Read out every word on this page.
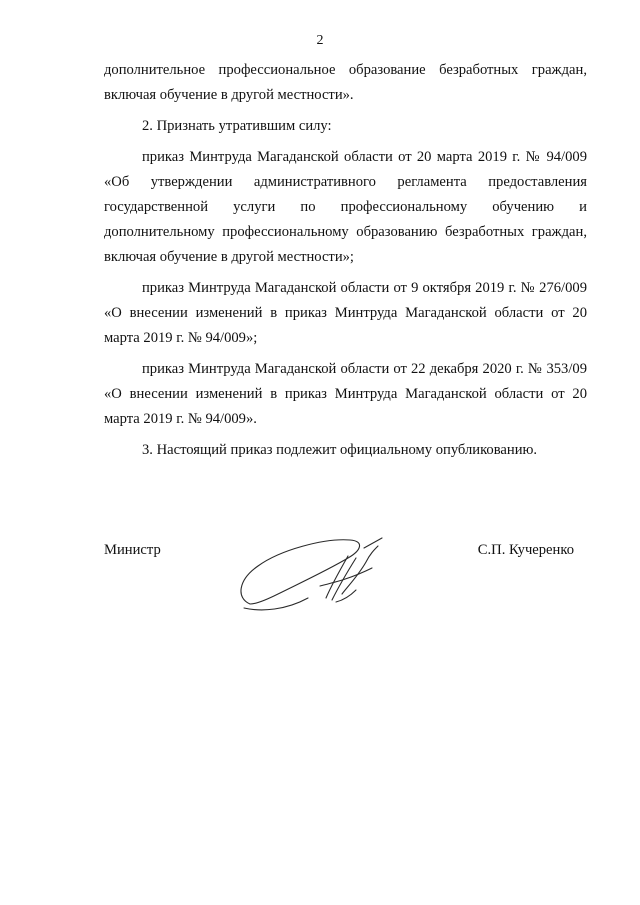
2

дополнительное профессиональное образование безработных граждан, включая обучение в другой местности».

2. Признать утратившим силу:

приказ Минтруда Магаданской области от 20 марта 2019 г. № 94/009 «Об утверждении административного регламента предоставления государственной услуги по профессиональному обучению и дополнительному профессиональному образованию безработных граждан, включая обучение в другой местности»;

приказ Минтруда Магаданской области от 9 октября 2019 г. № 276/009 «О внесении изменений в приказ Минтруда Магаданской области от 20 марта 2019 г. № 94/009»;

приказ Минтруда Магаданской области от 22 декабря 2020 г. № 353/09 «О внесении изменений в приказ Минтруда Магаданской области от 20 марта 2019 г. № 94/009».

3. Настоящий приказ подлежит официальному опубликованию.

Министр	С.П. Кучеренко
